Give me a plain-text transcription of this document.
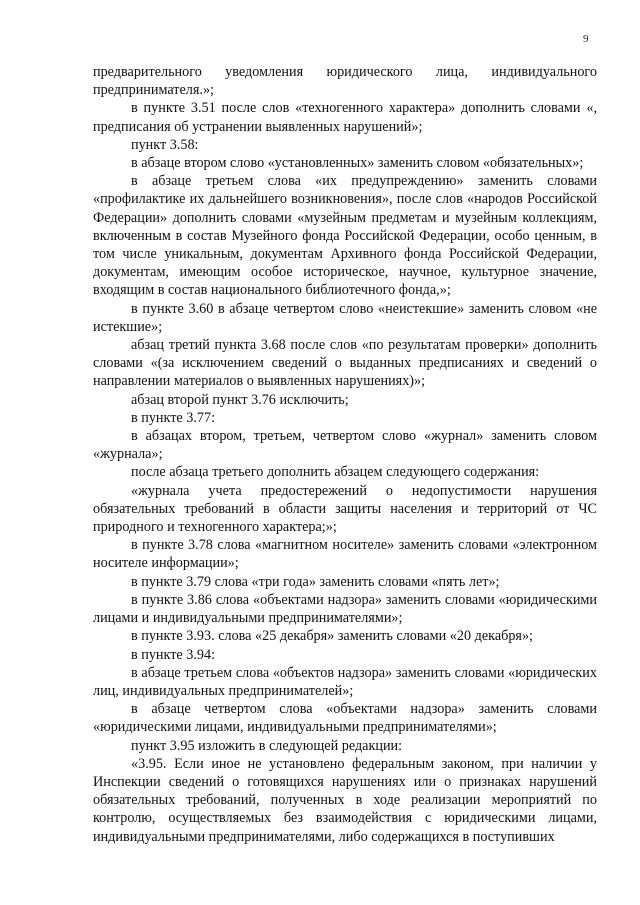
9

предварительного уведомления юридического лица, индивидуального предпринимателя.»;

в пункте 3.51 после слов «техногенного характера» дополнить словами «, предписания об устранении выявленных нарушений»;

пункт 3.58:

в абзаце втором слово «установленных» заменить словом «обязательных»;

в абзаце третьем слова «их предупреждению» заменить словами «профилактике их дальнейшего возникновения», после слов «народов Российской Федерации» дополнить словами «музейным предметам и музейным коллекциям, включенным в состав Музейного фонда Российской Федерации, особо ценным, в том числе уникальным, документам Архивного фонда Российской Федерации, документам, имеющим особое историческое, научное, культурное значение, входящим в состав национального библиотечного фонда,»;

в пункте 3.60 в абзаце четвертом слово «неистекшие» заменить словом «не истекшие»;

абзац третий пункта 3.68 после слов «по результатам проверки» дополнить словами «(за исключением сведений о выданных предписаниях и сведений о направлении материалов о выявленных нарушениях)»;

абзац второй пункт 3.76 исключить;

в пункте 3.77:

в абзацах втором, третьем, четвертом слово «журнал» заменить словом «журнала»;

после абзаца третьего дополнить абзацем следующего содержания:

«журнала учета предостережений о недопустимости нарушения обязательных требований в области защиты населения и территорий от ЧС природного и техногенного характера;»;

в пункте 3.78 слова «магнитном носителе» заменить словами «электронном носителе информации»;

в пункте 3.79 слова «три года» заменить словами «пять лет»;

в пункте 3.86 слова «объектами надзора» заменить словами «юридическими лицами и индивидуальными предпринимателями»;

в пункте 3.93. слова «25 декабря» заменить словами «20 декабря»;

в пункте 3.94:

в абзаце третьем слова «объектов надзора» заменить словами «юридических лиц, индивидуальных предпринимателей»;

в абзаце четвертом слова «объектами надзора» заменить словами «юридическими лицами, индивидуальными предпринимателями»;

пункт 3.95 изложить в следующей редакции:

«3.95. Если иное не установлено федеральным законом, при наличии у Инспекции сведений о готовящихся нарушениях или о признаках нарушений обязательных требований, полученных в ходе реализации мероприятий по контролю, осуществляемых без взаимодействия с юридическими лицами, индивидуальными предпринимателями, либо содержащихся в поступивших
